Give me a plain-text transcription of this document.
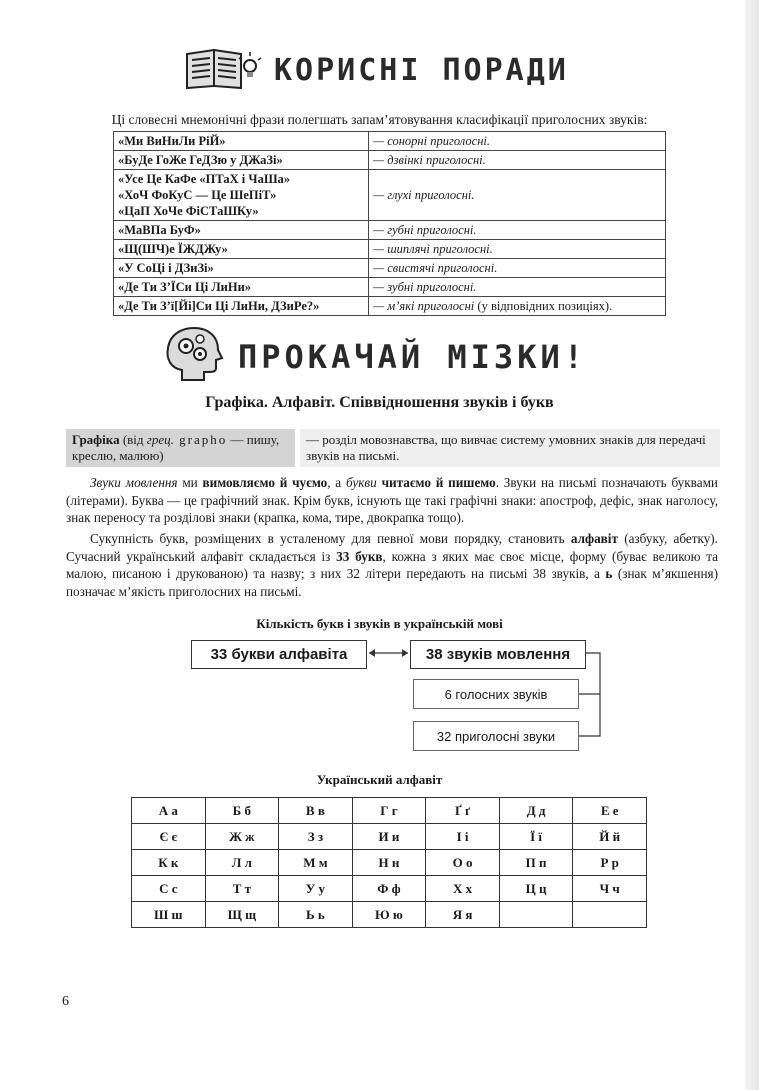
КОРИСНІ ПОРАДИ
Ці словесні мнемонічні фрази полегшать запам’ятовування класифікації приголосних звуків:
«Ми ВиНиЛи РіЙ»	— сонорні приголосні.

«БуДе ГоЖе ГеДЗю у ДЖаЗі»	— дзвінкі приголосні.

«Усе Це КаФе «ПТаХ і ЧаШа»
«ХоЧ ФоКуС — Це ШеПіТ»
«ЦаП ХоЧе ФіСТаШКу»	— глухі приголосні.

«МаВПа БуФ»	— губні приголосні.

«Щ(ШЧ)е ЇЖДЖу»	— шиплячі приголосні.

«У СоЦі і ДЗиЗі»	— свистячі приголосні.

«Де Ти З’ЇСи Ці ЛиНи»	— зубні приголосні.

«Де Ти З’ї[Йі]Си Ці ЛиНи, ДЗиРе?»	— м’які приголосні (у відповідних позиціях).
ПРОКАЧАЙ МІЗКИ!
Графіка. Алфавіт. Співвідношення звуків і букв
Графіка (від грец. grapho — пишу, креслю, малюю)
— розділ мовознавства, що вивчає систему умовних знаків для передачі звуків на письмі.

Звуки мовлення ми вимовляємо й чуємо, а букви читаємо й пишемо. Звуки на письмі позначають буквами (літерами). Буква — це графічний знак. Крім букв, існують ще такі графічні знаки: апостроф, дефіс, знак наголосу, знак переносу та розділові знаки (крапка, кома, тире, двокрапка тощо).

Сукупність букв, розміщених в усталеному для певної мови порядку, становить алфавіт (азбуку, абетку). Сучасний український алфавіт складається із 33 букв, кожна з яких має своє місце, форму (буває великою та малою, писаною і друкованою) та назву; з них 32 літери передають на письмі 38 звуків, а ь (знак м’якшення) позначає м’якість приголосних на письмі.

Кількість букв і звуків в українській мові
33 букви алфавіта	38 звуків мовлення
6 голосних звуків
32 приголосні звуки
Український алфавіт
А а	Б б	В в	Г г	Ґ ґ	Д д	Е е
Є є	Ж ж	З з	И и	І і	Ї ї	Й й
К к	Л л	М м	Н н	О о	П п	Р р
С с	Т т	У у	Ф ф	Х х	Ц ц	Ч ч
Ш ш	Щ щ	Ь ь	Ю ю	Я я		
6
